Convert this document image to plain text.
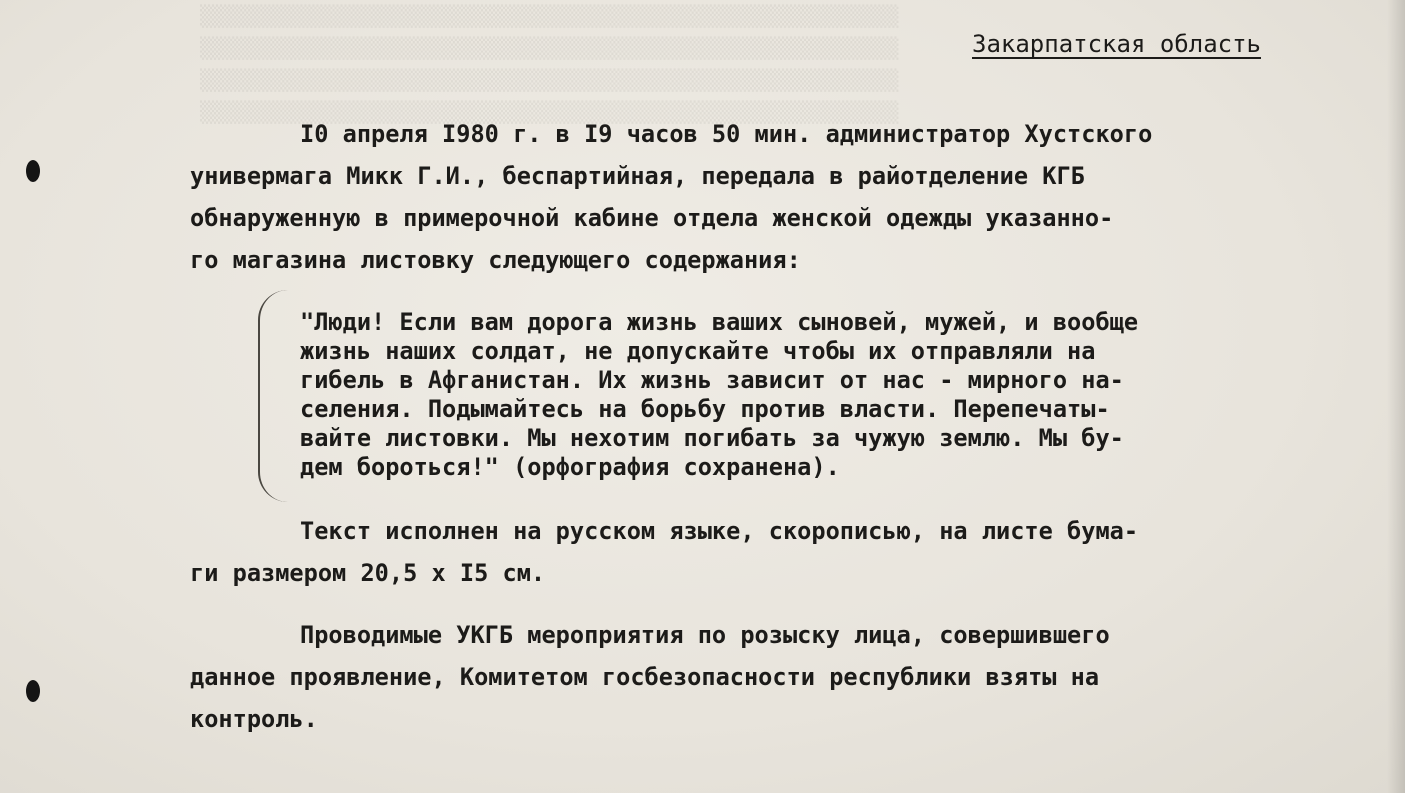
▒▒▒▒▒▒▒▒▒▒▒▒▒▒▒▒▒▒▒▒▒▒▒▒▒▒▒▒▒▒▒▒▒▒▒▒▒▒▒▒▒▒▒▒▒▒▒▒▒▒▒▒▒▒▒▒▒▒
▒▒▒▒▒▒▒▒▒▒▒▒▒▒▒▒▒▒▒▒▒▒▒▒▒▒▒▒▒▒▒▒▒▒▒▒▒▒▒▒▒▒▒▒▒▒▒▒▒▒▒▒▒▒▒▒▒▒
▒▒▒▒▒▒▒▒▒▒▒▒▒▒▒▒▒▒▒▒▒▒▒▒▒▒▒▒▒▒▒▒▒▒▒▒▒▒▒▒▒▒▒▒▒▒▒▒▒▒▒▒▒▒▒▒▒▒
▒▒▒▒▒▒▒▒▒▒▒▒▒▒▒▒▒▒▒▒▒▒▒▒▒▒▒▒▒▒▒▒▒▒▒▒▒▒▒▒▒▒▒▒▒▒▒▒▒▒▒▒▒▒▒▒▒▒
Закарпатская область
I0 апреля I980 г. в I9 часов 50 мин. администратор Хустского
универмага Микк Г.И., беспартийная, передала в райотделение КГБ
обнаруженную в примерочной кабине отдела женской одежды указанно-
го магазина листовку следующего содержания:
"Люди! Если вам дорога жизнь ваших сыновей, мужей, и вообще
жизнь наших солдат, не допускайте чтобы их отправляли на
гибель в Афганистан. Их жизнь зависит от нас - мирного на-
селения. Подымайтесь на борьбу против власти. Перепечаты-
вайте листовки. Мы нехотим погибать за чужую землю. Мы бу-
дем бороться!" (орфография сохранена).
Текст исполнен на русском языке, скорописью, на листе бума-
ги размером 20,5 х I5 см.
Проводимые УКГБ мероприятия по розыску лица, совершившего
данное проявление, Комитетом госбезопасности республики взяты на
контроль.
